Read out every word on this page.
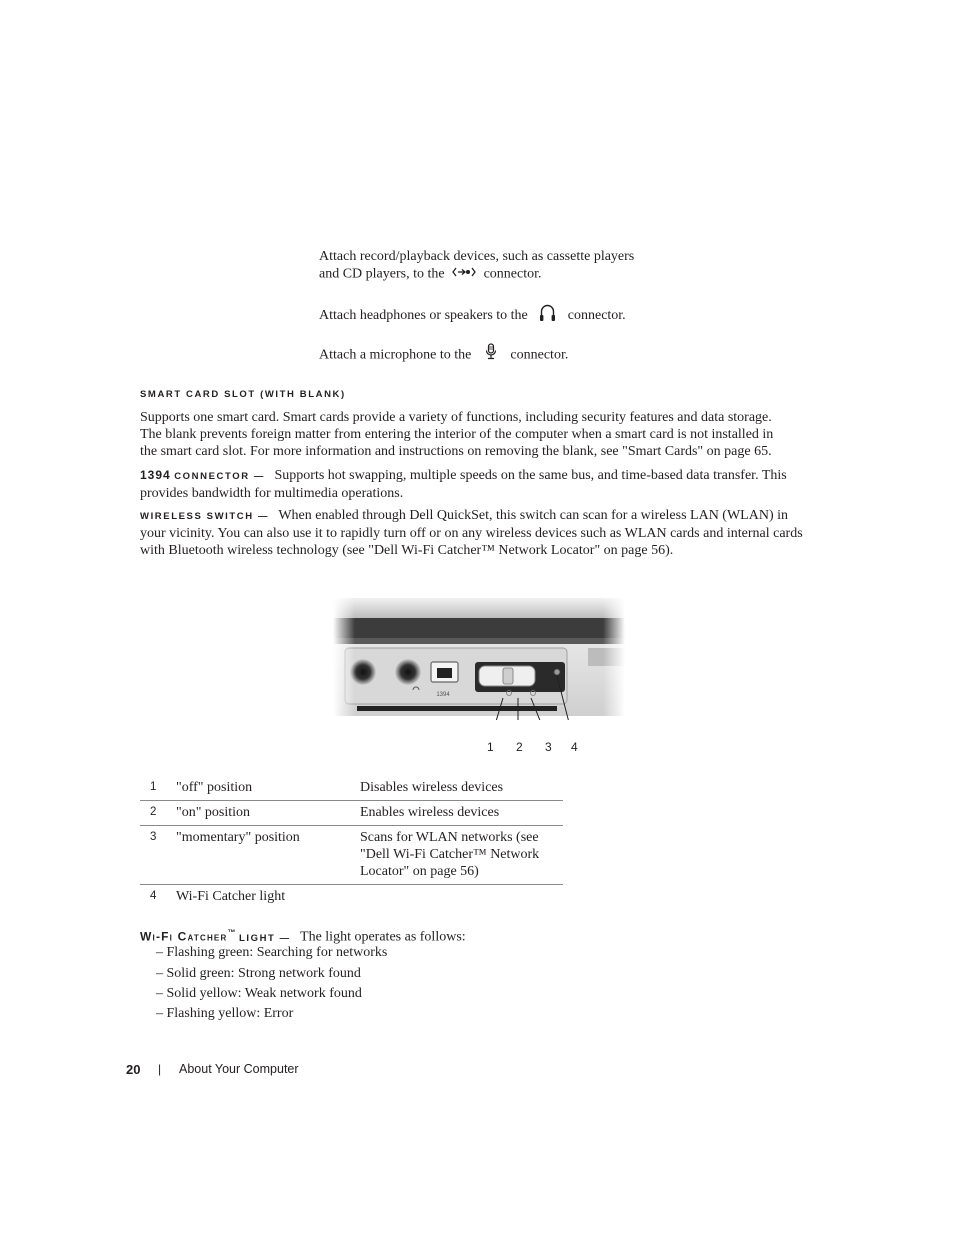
Attach record/playback devices, such as cassette players
and CD players, to the	connector.
Attach headphones or speakers to the	connector.
Attach a microphone to the	connector.
SMART CARD SLOT (WITH BLANK)
Supports one smart card. Smart cards provide a variety of functions, including security features and data storage.
The blank prevents foreign matter from entering the interior of the computer when a smart card is not installed in
the smart card slot. For more information and instructions on removing the blank, see "Smart Cards" on page 65.
1394 CONNECTOR — Supports hot swapping, multiple speeds on the same bus, and time-based data transfer. This
provides bandwidth for multimedia operations.
WIRELESS SWITCH — When enabled through Dell QuickSet, this switch can scan for a wireless LAN (WLAN) in
your vicinity. You can also use it to rapidly turn off or on any wireless devices such as WLAN cards and internal cards
with Bluetooth wireless technology (see "Dell Wi-Fi Catcher™ Network Locator" on page 56).
1394
1 2 3 4
1	"off" position	Disables wireless devices

2	"on" position	Enables wireless devices

3	"momentary" position	Scans for WLAN networks (see
"Dell Wi-Fi Catcher™ Network
Locator" on page 56)

4	Wi-Fi Catcher light	
Wi-Fi Catcher™ LIGHT — The light operates as follows:
– Flashing green: Searching for networks
– Solid green: Strong network found
– Solid yellow: Weak network found
– Flashing yellow: Error
20 | About Your Computer
